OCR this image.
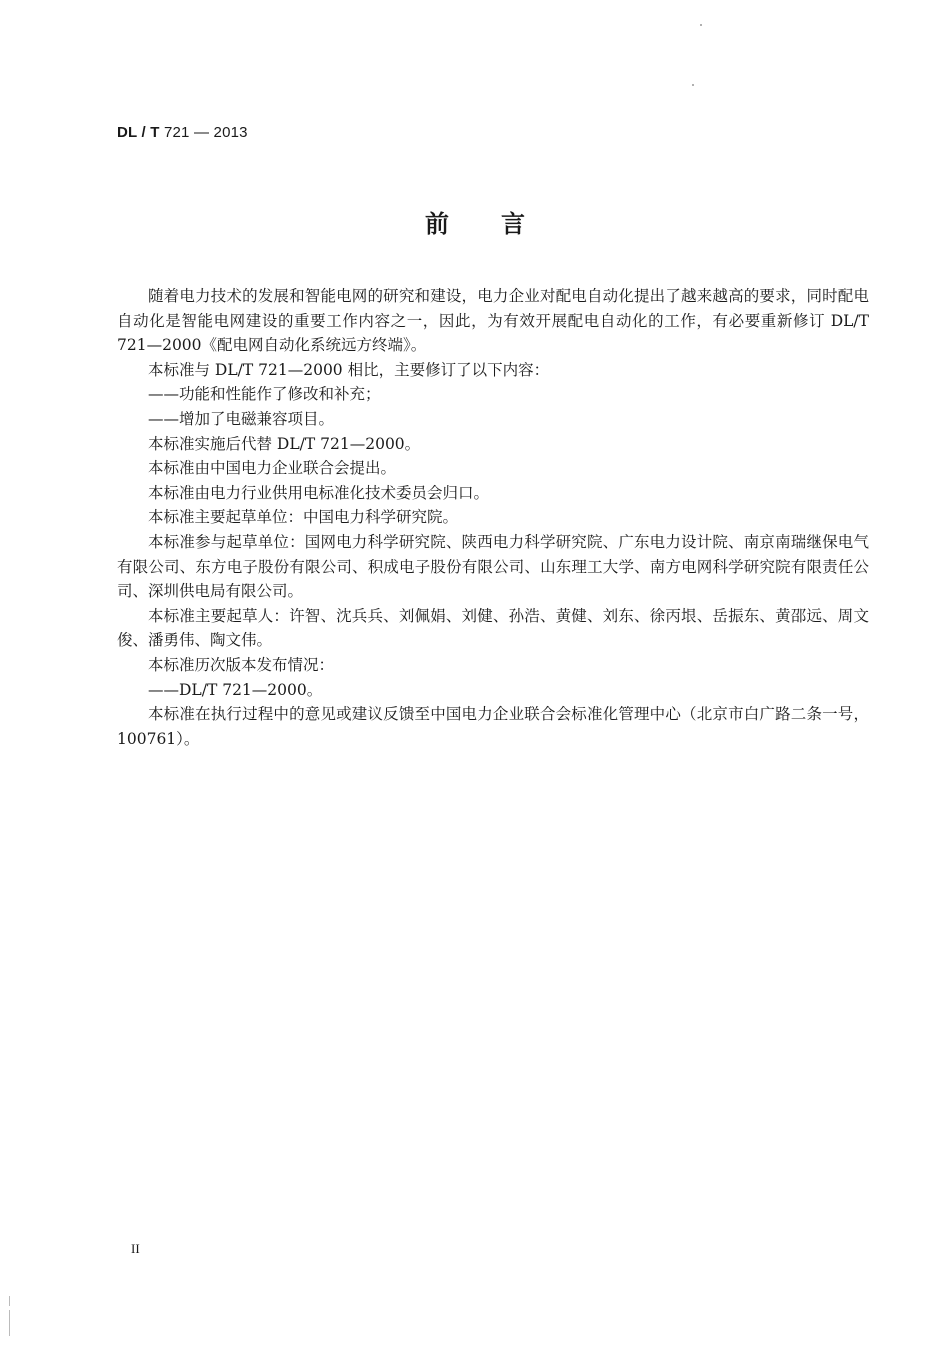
DL / T 721 — 2013
前言

随着电力技术的发展和智能电网的研究和建设，电力企业对配电自动化提出了越来越高的要求，同时配电自动化是智能电网建设的重要工作内容之一，因此，为有效开展配电自动化的工作，有必要重新修订 DL/T 721—2000《配电网自动化系统远方终端》。

本标准与 DL/T 721—2000 相比，主要修订了以下内容：

——功能和性能作了修改和补充；

——增加了电磁兼容项目。

本标准实施后代替 DL/T 721—2000。

本标准由中国电力企业联合会提出。

本标准由电力行业供用电标准化技术委员会归口。

本标准主要起草单位：中国电力科学研究院。

本标准参与起草单位：国网电力科学研究院、陕西电力科学研究院、广东电力设计院、南京南瑞继保电气有限公司、东方电子股份有限公司、积成电子股份有限公司、山东理工大学、南方电网科学研究院有限责任公司、深圳供电局有限公司。

本标准主要起草人：许智、沈兵兵、刘佩娟、刘健、孙浩、黄健、刘东、徐丙垠、岳振东、黄邵远、周文俊、潘勇伟、陶文伟。

本标准历次版本发布情况：

——DL/T 721—2000。

本标准在执行过程中的意见或建议反馈至中国电力企业联合会标准化管理中心（北京市白广路二条一号，100761）。

II
